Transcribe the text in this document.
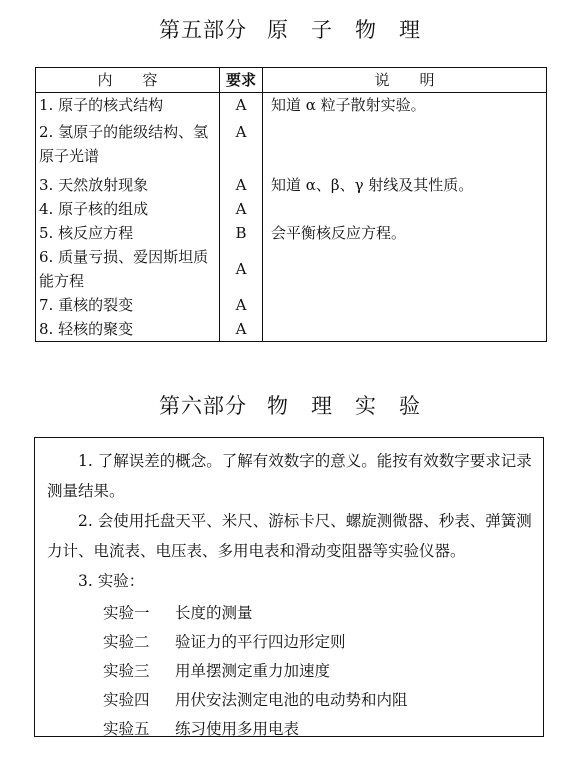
第五部分 原　子　物　理
内　　容	要求	说　　明
1. 原子的核式结构	A	知道 α 粒子散射实验。
2. 氢原子的能级结构、氢原子光谱	A	
3. 天然放射现象	A	知道 α、β、γ 射线及其性质。
4. 原子核的组成	A	
5. 核反应方程	B	会平衡核反应方程。
6. 质量亏损、爱因斯坦质能方程	A	
7. 重核的裂变	A	
8. 轻核的聚变	A	
第六部分 物　理　实　验
1. 了解误差的概念。了解有效数字的意义。能按有效数字要求记录测量结果。
2. 会使用托盘天平、米尺、游标卡尺、螺旋测微器、秒表、弹簧测力计、电流表、电压表、多用电表和滑动变阻器等实验仪器。
3. 实验：
实验一 长度的测量
实验二 验证力的平行四边形定则
实验三 用单摆测定重力加速度
实验四 用伏安法测定电池的电动势和内阻
实验五 练习使用多用电表
